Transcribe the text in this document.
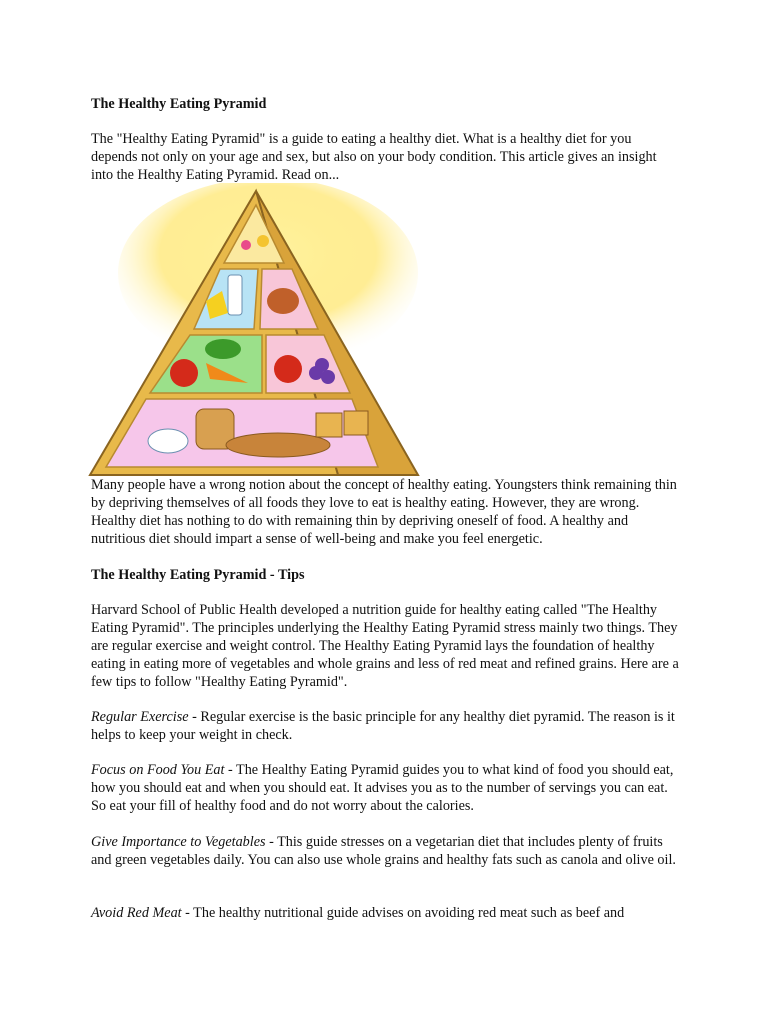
The Healthy Eating Pyramid

The "Healthy Eating Pyramid" is a guide to eating a healthy diet. What is a healthy diet for you depends not only on your age and sex, but also on your body condition. This article gives an insight into the Healthy Eating Pyramid. Read on...

Many people have a wrong notion about the concept of healthy eating. Youngsters think remaining thin by depriving themselves of all foods they love to eat is healthy eating. However, they are wrong. Healthy diet has nothing to do with remaining thin by depriving oneself of food. A healthy and nutritious diet should impart a sense of well-being and make you feel energetic.

The Healthy Eating Pyramid - Tips

Harvard School of Public Health developed a nutrition guide for healthy eating called "The Healthy Eating Pyramid". The principles underlying the Healthy Eating Pyramid stress mainly two things. They are regular exercise and weight control. The Healthy Eating Pyramid lays the foundation of healthy eating in eating more of vegetables and whole grains and less of red meat and refined grains. Here are a few tips to follow "Healthy Eating Pyramid".

Regular Exercise - Regular exercise is the basic principle for any healthy diet pyramid. The reason is it helps to keep your weight in check.

Focus on Food You Eat - The Healthy Eating Pyramid guides you to what kind of food you should eat, how you should eat and when you should eat. It advises you as to the number of servings you can eat. So eat your fill of healthy food and do not worry about the calories.

Give Importance to Vegetables - This guide stresses on a vegetarian diet that includes plenty of fruits and green vegetables daily. You can also use whole grains and healthy fats such as canola and olive oil.

Avoid Red Meat - The healthy nutritional guide advises on avoiding red meat such as beef and
